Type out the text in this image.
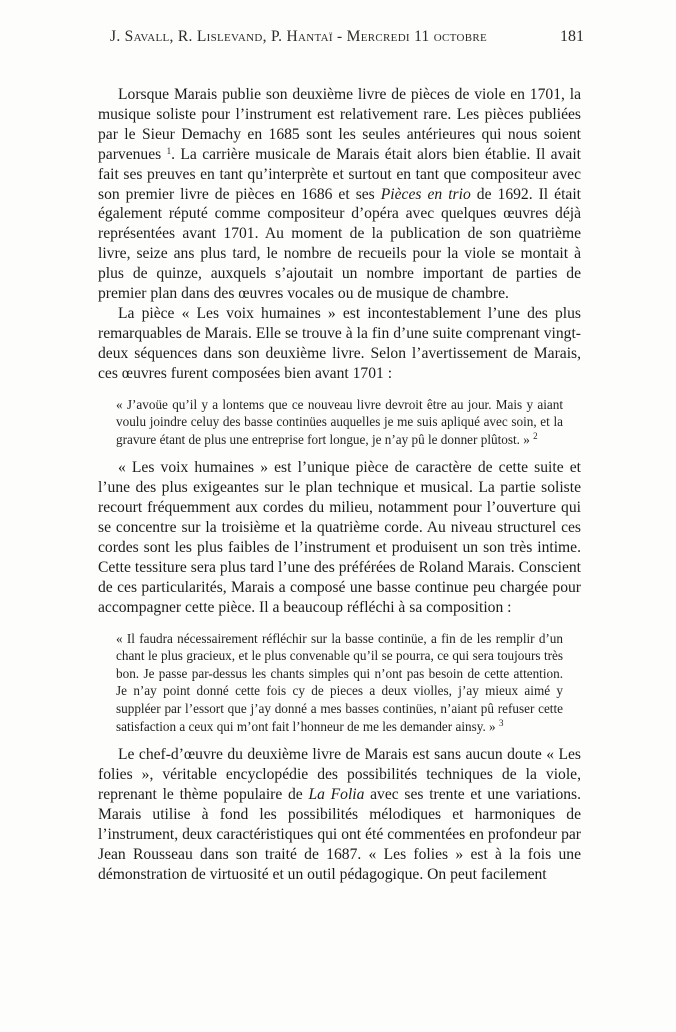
J. Savall, R. Lislevand, P. Hantaï - Mercredi 11 octobre	181

Lorsque Marais publie son deuxième livre de pièces de viole en 1701, la musique soliste pour l’instrument est relativement rare. Les pièces publiées par le Sieur Demachy en 1685 sont les seules antérieures qui nous soient parvenues $^1$. La carrière musicale de Marais était alors bien établie. Il avait fait ses preuves en tant qu’interprète et surtout en tant que compositeur avec son premier livre de pièces en 1686 et ses Pièces en trio de 1692. Il était également réputé comme compositeur d’opéra avec quelques œuvres déjà représentées avant 1701. Au moment de la publication de son quatrième livre, seize ans plus tard, le nombre de recueils pour la viole se montait à plus de quinze, auxquels s’ajoutait un nombre important de parties de premier plan dans des œuvres vocales ou de musique de chambre.

La pièce « Les voix humaines » est incontestablement l’une des plus remarquables de Marais. Elle se trouve à la fin d’une suite comprenant vingt-deux séquences dans son deuxième livre. Selon l’avertissement de Marais, ces œuvres furent composées bien avant 1701 :

« J’avoüe qu’il y a lontems que ce nouveau livre devroit être au jour. Mais y aiant voulu joindre celuy des basse continües auquelles je me suis apliqué avec soin, et la gravure étant de plus une entreprise fort longue, je n’ay pû le donner plûtost. » $^2$

« Les voix humaines » est l’unique pièce de caractère de cette suite et l’une des plus exigeantes sur le plan technique et musical. La partie soliste recourt fréquemment aux cordes du milieu, notamment pour l’ouverture qui se concentre sur la troisième et la quatrième corde. Au niveau structurel ces cordes sont les plus faibles de l’instrument et produisent un son très intime. Cette tessiture sera plus tard l’une des préférées de Roland Marais. Conscient de ces particularités, Marais a composé une basse continue peu chargée pour accompagner cette pièce. Il a beaucoup réfléchi à sa composition :

« Il faudra nécessairement réfléchir sur la basse continüe, a fin de les remplir d’un chant le plus gracieux, et le plus convenable qu’il se pourra, ce qui sera toujours très bon. Je passe par-dessus les chants simples qui n’ont pas besoin de cette attention. Je n’ay point donné cette fois cy de pieces a deux violles, j’ay mieux aimé y suppléer par l’essort que j’ay donné a mes basses continües, n’aiant pû refuser cette satisfaction a ceux qui m’ont fait l’honneur de me les demander ainsy. » $^3$

Le chef-d’œuvre du deuxième livre de Marais est sans aucun doute « Les folies », véritable encyclopédie des possibilités techniques de la viole, reprenant le thème populaire de La Folia avec ses trente et une variations. Marais utilise à fond les possibilités mélodiques et harmoniques de l’instrument, deux caractéristiques qui ont été commentées en profondeur par Jean Rousseau dans son traité de 1687. « Les folies » est à la fois une démonstration de virtuosité et un outil pédagogique. On peut facilement
